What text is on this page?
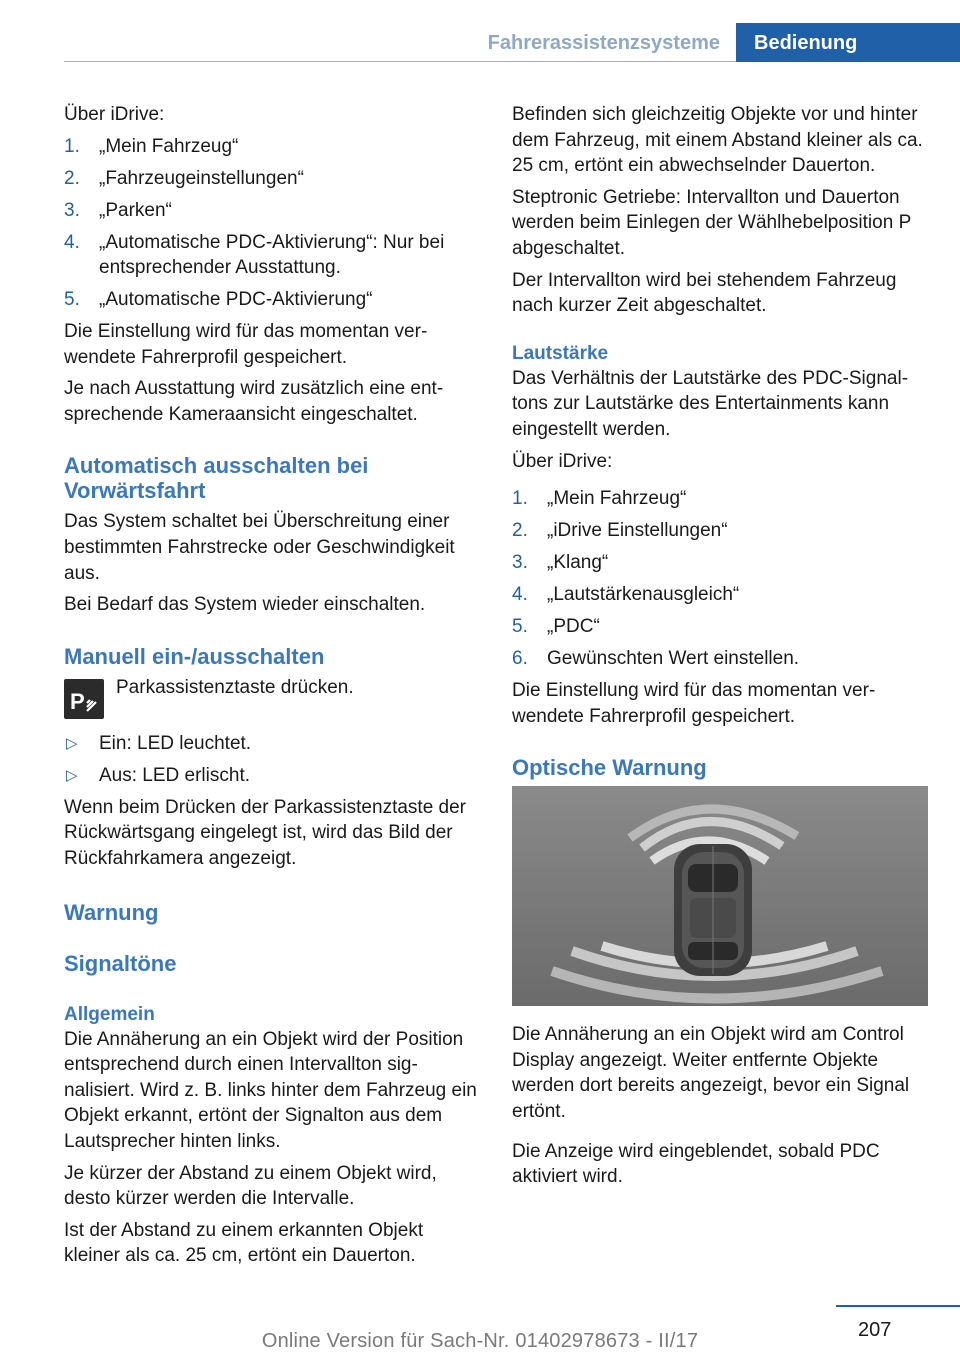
Fahrerassistenzsysteme	Bedienung

Über iDrive:

1. „Mein Fahrzeug“
2. „Fahrzeugeinstellungen“
3. „Parken“
4. „Automatische PDC-Aktivierung“: Nur bei entsprechender Ausstattung.
5. „Automatische PDC-Aktivierung“

Die Einstellung wird für das momentan verwendete Fahrerprofil gespeichert.

Je nach Ausstattung wird zusätzlich eine entsprechende Kameraansicht eingeschaltet.

Automatisch ausschalten bei Vorwärtsfahrt

Das System schaltet bei Überschreitung einer bestimmten Fahrstrecke oder Geschwindigkeit aus.

Bei Bedarf das System wieder einschalten.

Manuell ein-/ausschalten
P
Parkassistenztaste drücken.
▷ Ein: LED leuchtet.
▷ Aus: LED erlischt.

Wenn beim Drücken der Parkassistenztaste der Rückwärtsgang eingelegt ist, wird das Bild der Rückfahrkamera angezeigt.

Warnung
Signaltöne
Allgemein

Die Annäherung an ein Objekt wird der Position entsprechend durch einen Intervallton signalisiert. Wird z. B. links hinter dem Fahrzeug ein Objekt erkannt, ertönt der Signalton aus dem Lautsprecher hinten links.

Je kürzer der Abstand zu einem Objekt wird, desto kürzer werden die Intervalle.

Ist der Abstand zu einem erkannten Objekt kleiner als ca. 25 cm, ertönt ein Dauerton.

Befinden sich gleichzeitig Objekte vor und hinter dem Fahrzeug, mit einem Abstand kleiner als ca. 25 cm, ertönt ein abwechselnder Dauerton.

Steptronic Getriebe: Intervallton und Dauerton werden beim Einlegen der Wählhebelposition P abgeschaltet.

Der Intervallton wird bei stehendem Fahrzeug nach kurzer Zeit abgeschaltet.

Lautstärke

Das Verhältnis der Lautstärke des PDC-Signaltons zur Lautstärke des Entertainments kann eingestellt werden.

Über iDrive:

1. „Mein Fahrzeug“
2. „iDrive Einstellungen“
3. „Klang“
4. „Lautstärkenausgleich“
5. „PDC“
6. Gewünschten Wert einstellen.

Die Einstellung wird für das momentan verwendete Fahrerprofil gespeichert.

Optische Warnung

Die Annäherung an ein Objekt wird am Control Display angezeigt. Weiter entfernte Objekte werden dort bereits angezeigt, bevor ein Signal ertönt.

Die Anzeige wird eingeblendet, sobald PDC aktiviert wird.

207
Online Version für Sach-Nr. 01402978673 - II/17
